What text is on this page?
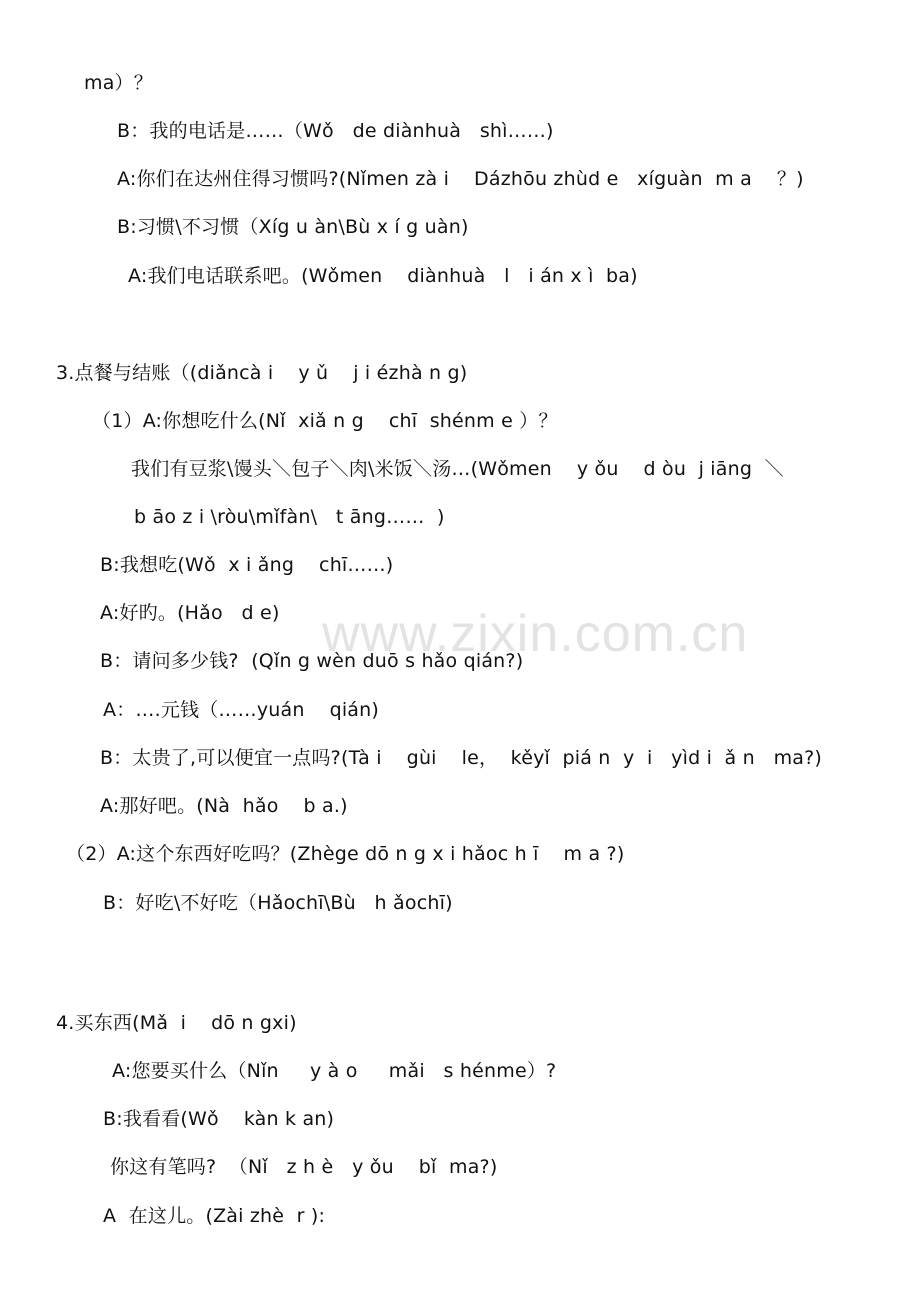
www.zixin.com.cn
ma）？
B：我的电话是……（Wǒ   de diànhuà   shì……)
A:你们在达州住得习惯吗?(Nǐmen zà i    Dázhōu zhùd e   xíguàn  m a    ？)
B:习惯\不习惯（Xíg u àn\Bù x í g uàn)
A:我们电话联系吧。(Wǒmen    diànhuà   l   i án x ì  ba)
3.点餐与结账（(diǎncà i    y ǔ    j i ézhà n g)
（1）A:你想吃什么(Nǐ  xiǎ n g    chī  shénm e ）？
我们有豆浆\馒头＼包子＼肉\米饭＼汤…(Wǒmen    y ǒu    d òu  j iāng  ＼
b āo z i \ròu\mǐfàn\   t āng……  )
B:我想吃(Wǒ  x i ǎng    chī……)
A:好旳。(Hǎo   d e)
B：请问多少钱?  (Qǐn g wèn duō s hǎo qián?)
A：….元钱（……yuán    qián)
B：太贵了,可以便宜一点吗?(Tà i    gùi    le，  kěyǐ  piá n  y  i   yìd i  ǎ n   ma?)
A:那好吧。(Nà  hǎo    b a.)
（2）A:这个东西好吃吗？(Zhège dō n g x i hǎoc h ī    m a ?)
B：好吃\不好吃（Hǎochī\Bù   h ǎochī)
4.买东西(Mǎ  i    dō n gxi)
A:您要买什么（Nǐn     y à o     mǎi   s hénme）?
B:我看看(Wǒ    kàn k an)
你这有笔吗?  （Nǐ   z h è   y ǒu    bǐ  ma?)
A  在这儿。(Zài zhè  r ):
